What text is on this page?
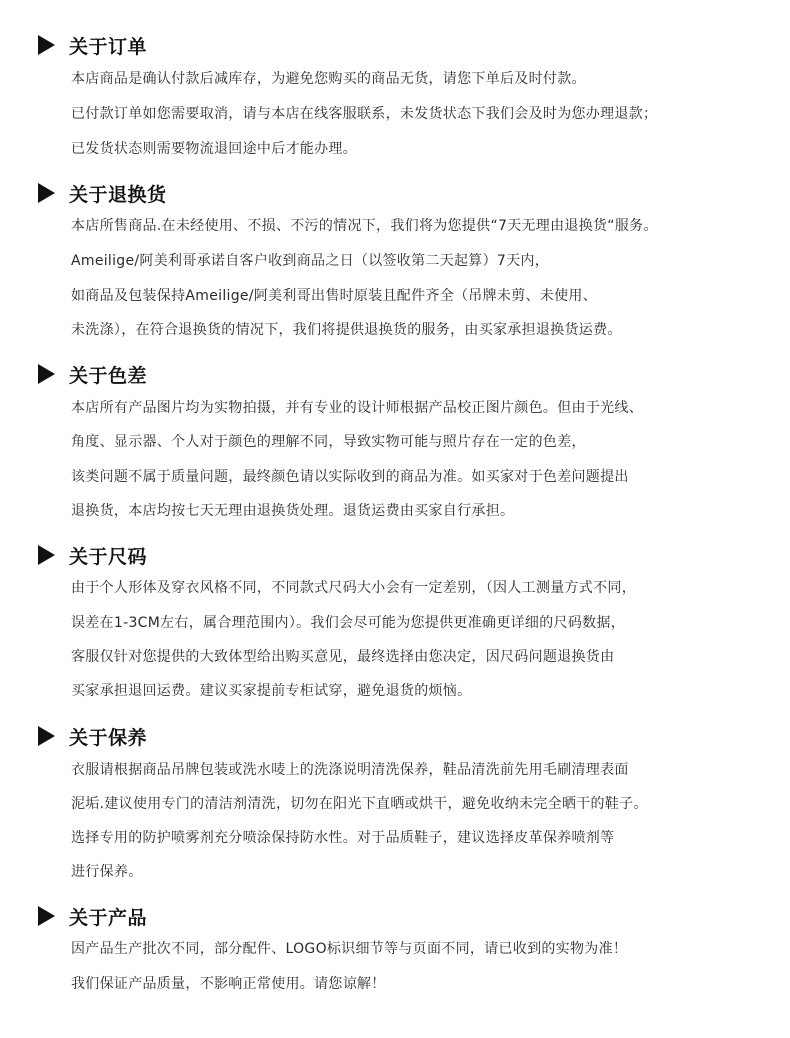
关于订单
本店商品是确认付款后减库存，为避免您购买的商品无货，请您下单后及时付款。
已付款订单如您需要取消，请与本店在线客服联系，未发货状态下我们会及时为您办理退款；
已发货状态则需要物流退回途中后才能办理。
关于退换货
本店所售商品.在未经使用、不损、不污的情况下，我们将为您提供“7天无理由退换货“服务。
Ameilige/阿美利哥承诺自客户收到商品之日（以签收第二天起算）7天内，
如商品及包装保持Ameilige/阿美利哥出售时原装且配件齐全（吊牌未剪、未使用、
未洗涤），在符合退换货的情况下，我们将提供退换货的服务，由买家承担退换货运费。
关于色差
本店所有产品图片均为实物拍摄，并有专业的设计师根据产品校正图片颜色。但由于光线、
角度、显示器、个人对于颜色的理解不同，导致实物可能与照片存在一定的色差，
该类问题不属于质量问题，最终颜色请以实际收到的商品为准。如买家对于色差问题提出
退换货，本店均按七天无理由退换货处理。退货运费由买家自行承担。
关于尺码
由于个人形体及穿衣风格不同，不同款式尺码大小会有一定差别，（因人工测量方式不同，
误差在1-3CM左右，属合理范围内）。我们会尽可能为您提供更准确更详细的尺码数据，
客服仅针对您提供的大致体型给出购买意见，最终选择由您决定，因尺码问题退换货由
买家承担退回运费。建议买家提前专柜试穿，避免退货的烦恼。
关于保养
衣服请根据商品吊牌包装或洗水唛上的洗涤说明清洗保养，鞋品清洗前先用毛刷清理表面
泥垢.建议使用专门的清洁剂清洗，切勿在阳光下直晒或烘干，避免收纳未完全晒干的鞋子。
选择专用的防护喷雾剂充分喷涂保持防水性。对于品质鞋子，建议选择皮革保养喷剂等
进行保养。
关于产品
因产品生产批次不同，部分配件、LOGO标识细节等与页面不同，请已收到的实物为准！
我们保证产品质量，不影响正常使用。请您谅解！
